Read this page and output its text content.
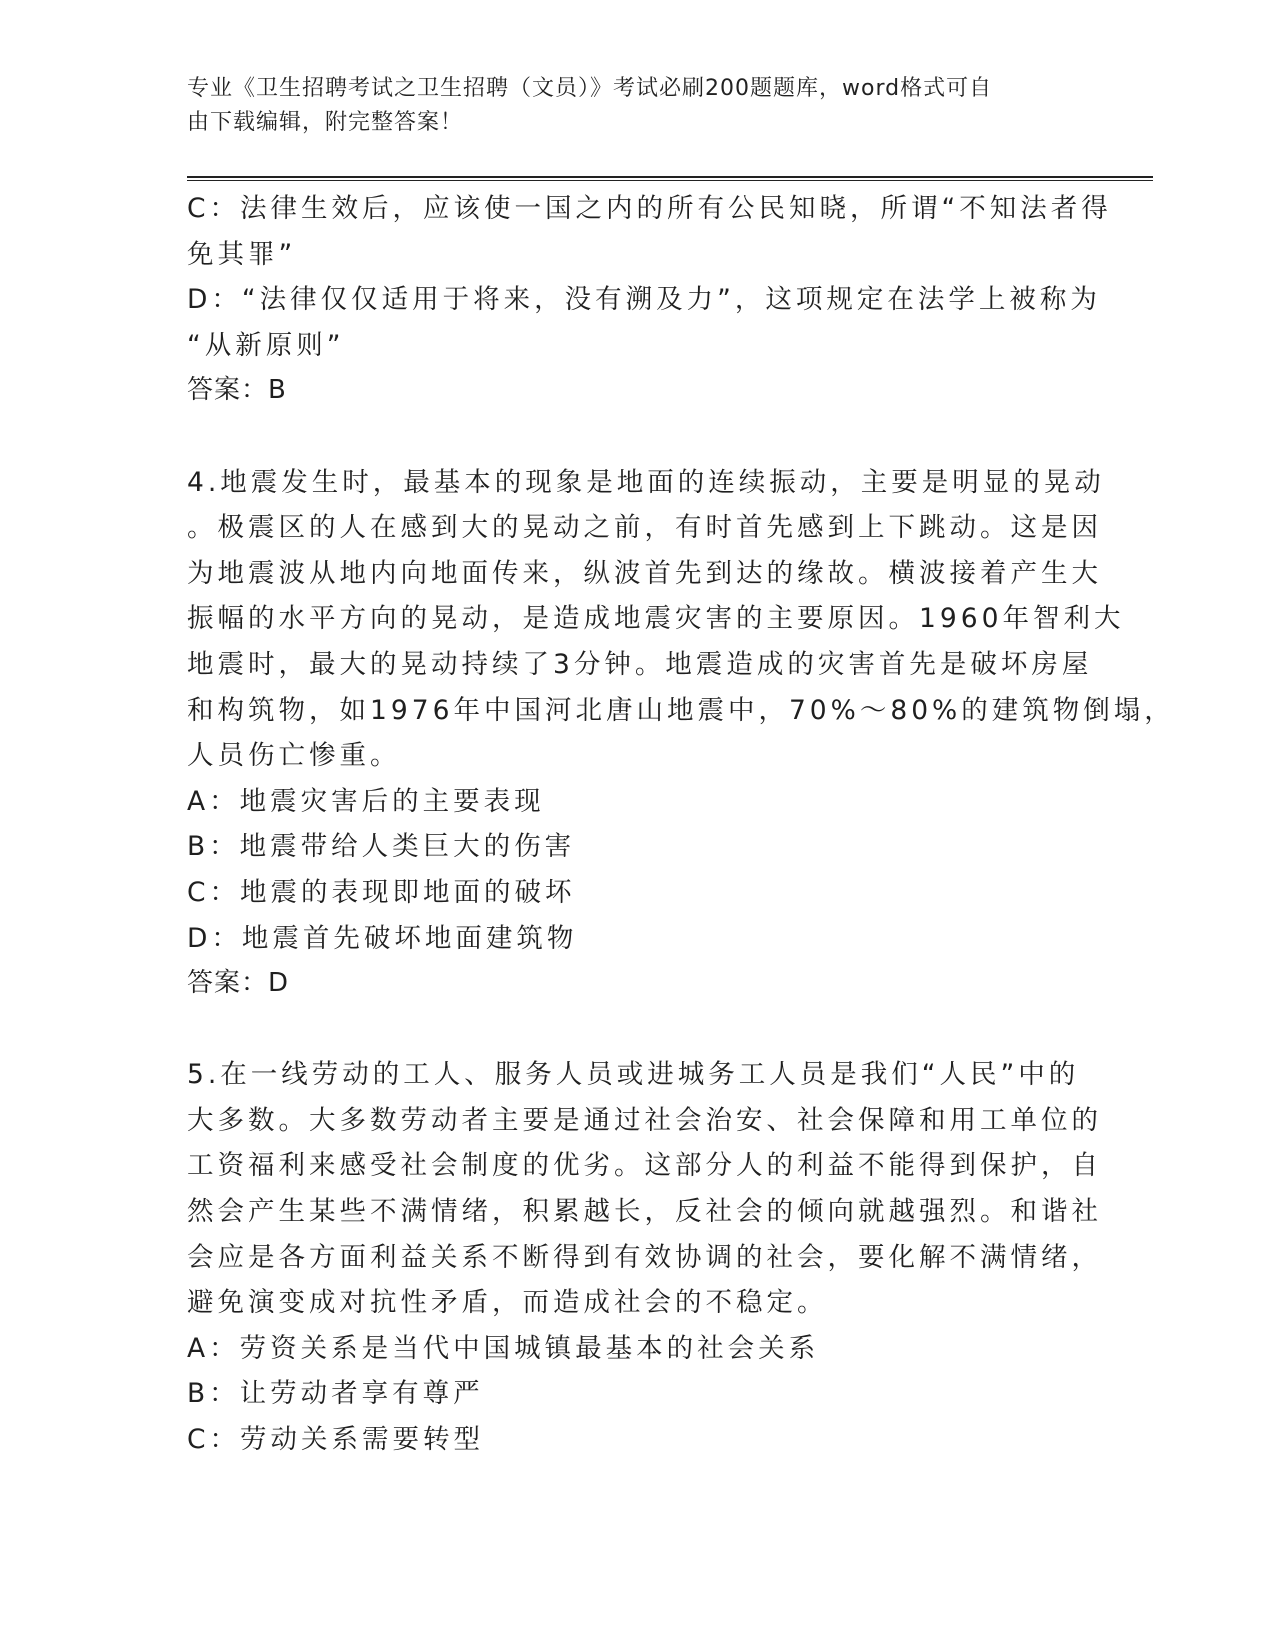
专业《卫生招聘考试之卫生招聘（文员）》考试必刷200题题库，word格式可自
由下载编辑，附完整答案！
C：法律生效后，应该使一国之内的所有公民知晓，所谓“不知法者得
免其罪”
D：“法律仅仅适用于将来，没有溯及力”，这项规定在法学上被称为
“从新原则”
答案：B
4.地震发生时，最基本的现象是地面的连续振动，主要是明显的晃动
。极震区的人在感到大的晃动之前，有时首先感到上下跳动。这是因
为地震波从地内向地面传来，纵波首先到达的缘故。横波接着产生大
振幅的水平方向的晃动，是造成地震灾害的主要原因。1960年智利大
地震时，最大的晃动持续了3分钟。地震造成的灾害首先是破坏房屋
和构筑物，如1976年中国河北唐山地震中，70%～80%的建筑物倒塌，
人员伤亡惨重。
A：地震灾害后的主要表现
B：地震带给人类巨大的伤害
C：地震的表现即地面的破坏
D：地震首先破坏地面建筑物
答案：D
5.在一线劳动的工人、服务人员或进城务工人员是我们“人民”中的
大多数。大多数劳动者主要是通过社会治安、社会保障和用工单位的
工资福利来感受社会制度的优劣。这部分人的利益不能得到保护，自
然会产生某些不满情绪，积累越长，反社会的倾向就越强烈。和谐社
会应是各方面利益关系不断得到有效协调的社会，要化解不满情绪，
避免演变成对抗性矛盾，而造成社会的不稳定。
A：劳资关系是当代中国城镇最基本的社会关系
B：让劳动者享有尊严
C：劳动关系需要转型
